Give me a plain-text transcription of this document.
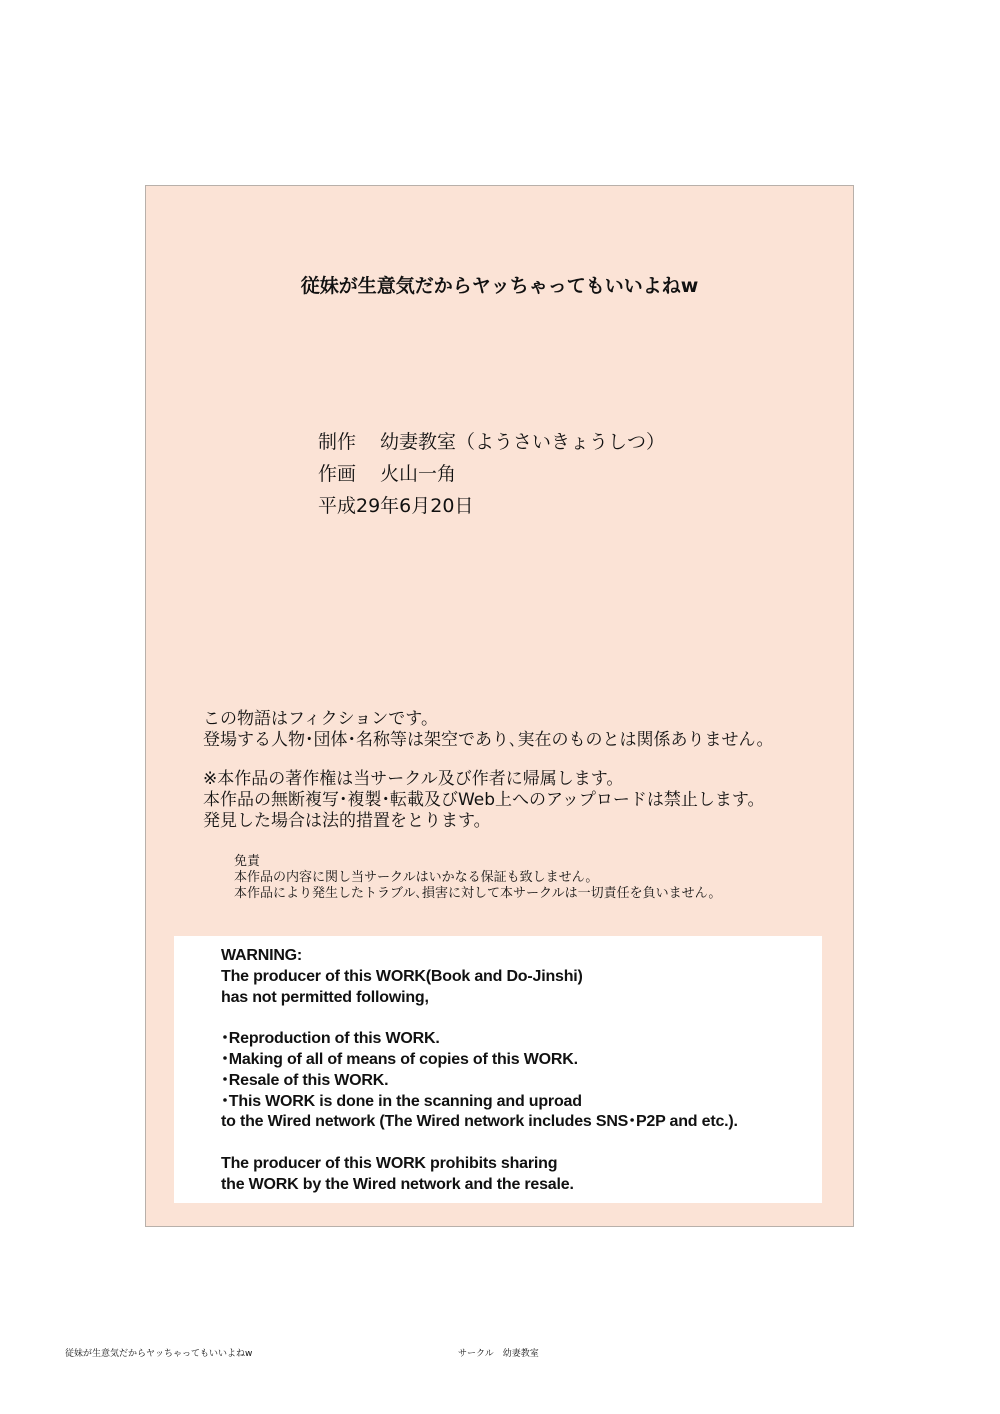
従妹が生意気だからヤッちゃってもいいよねw
制作 幼妻教室（ようさいきょうしつ）
作画 火山一角
平成29年6月20日
この物語はフィクションです。
登場する人物･団体･名称等は架空であり､実在のものとは関係ありません。
※本作品の著作権は当サークル及び作者に帰属します。
本作品の無断複写･複製･転載及びWeb上へのアップロードは禁止します。
発見した場合は法的措置をとります。
免責
本作品の内容に関し当サークルはいかなる保証も致しません。
本作品により発生したトラブル､損害に対して本サークルは一切責任を負いません。
WARNING:
The producer of this WORK(Book and Do-Jinshi)
has not permitted following,
･Reproduction of this WORK.
･Making of all of means of copies of this WORK.
･Resale of this WORK.
･This WORK is done in the scanning and uproad
to the Wired network (The Wired network includes SNS･P2P and etc.).
The producer of this WORK prohibits sharing
the WORK by the Wired network and the resale.
従妹が生意気だからヤッちゃってもいいよねw	サークル　幼妻教室
